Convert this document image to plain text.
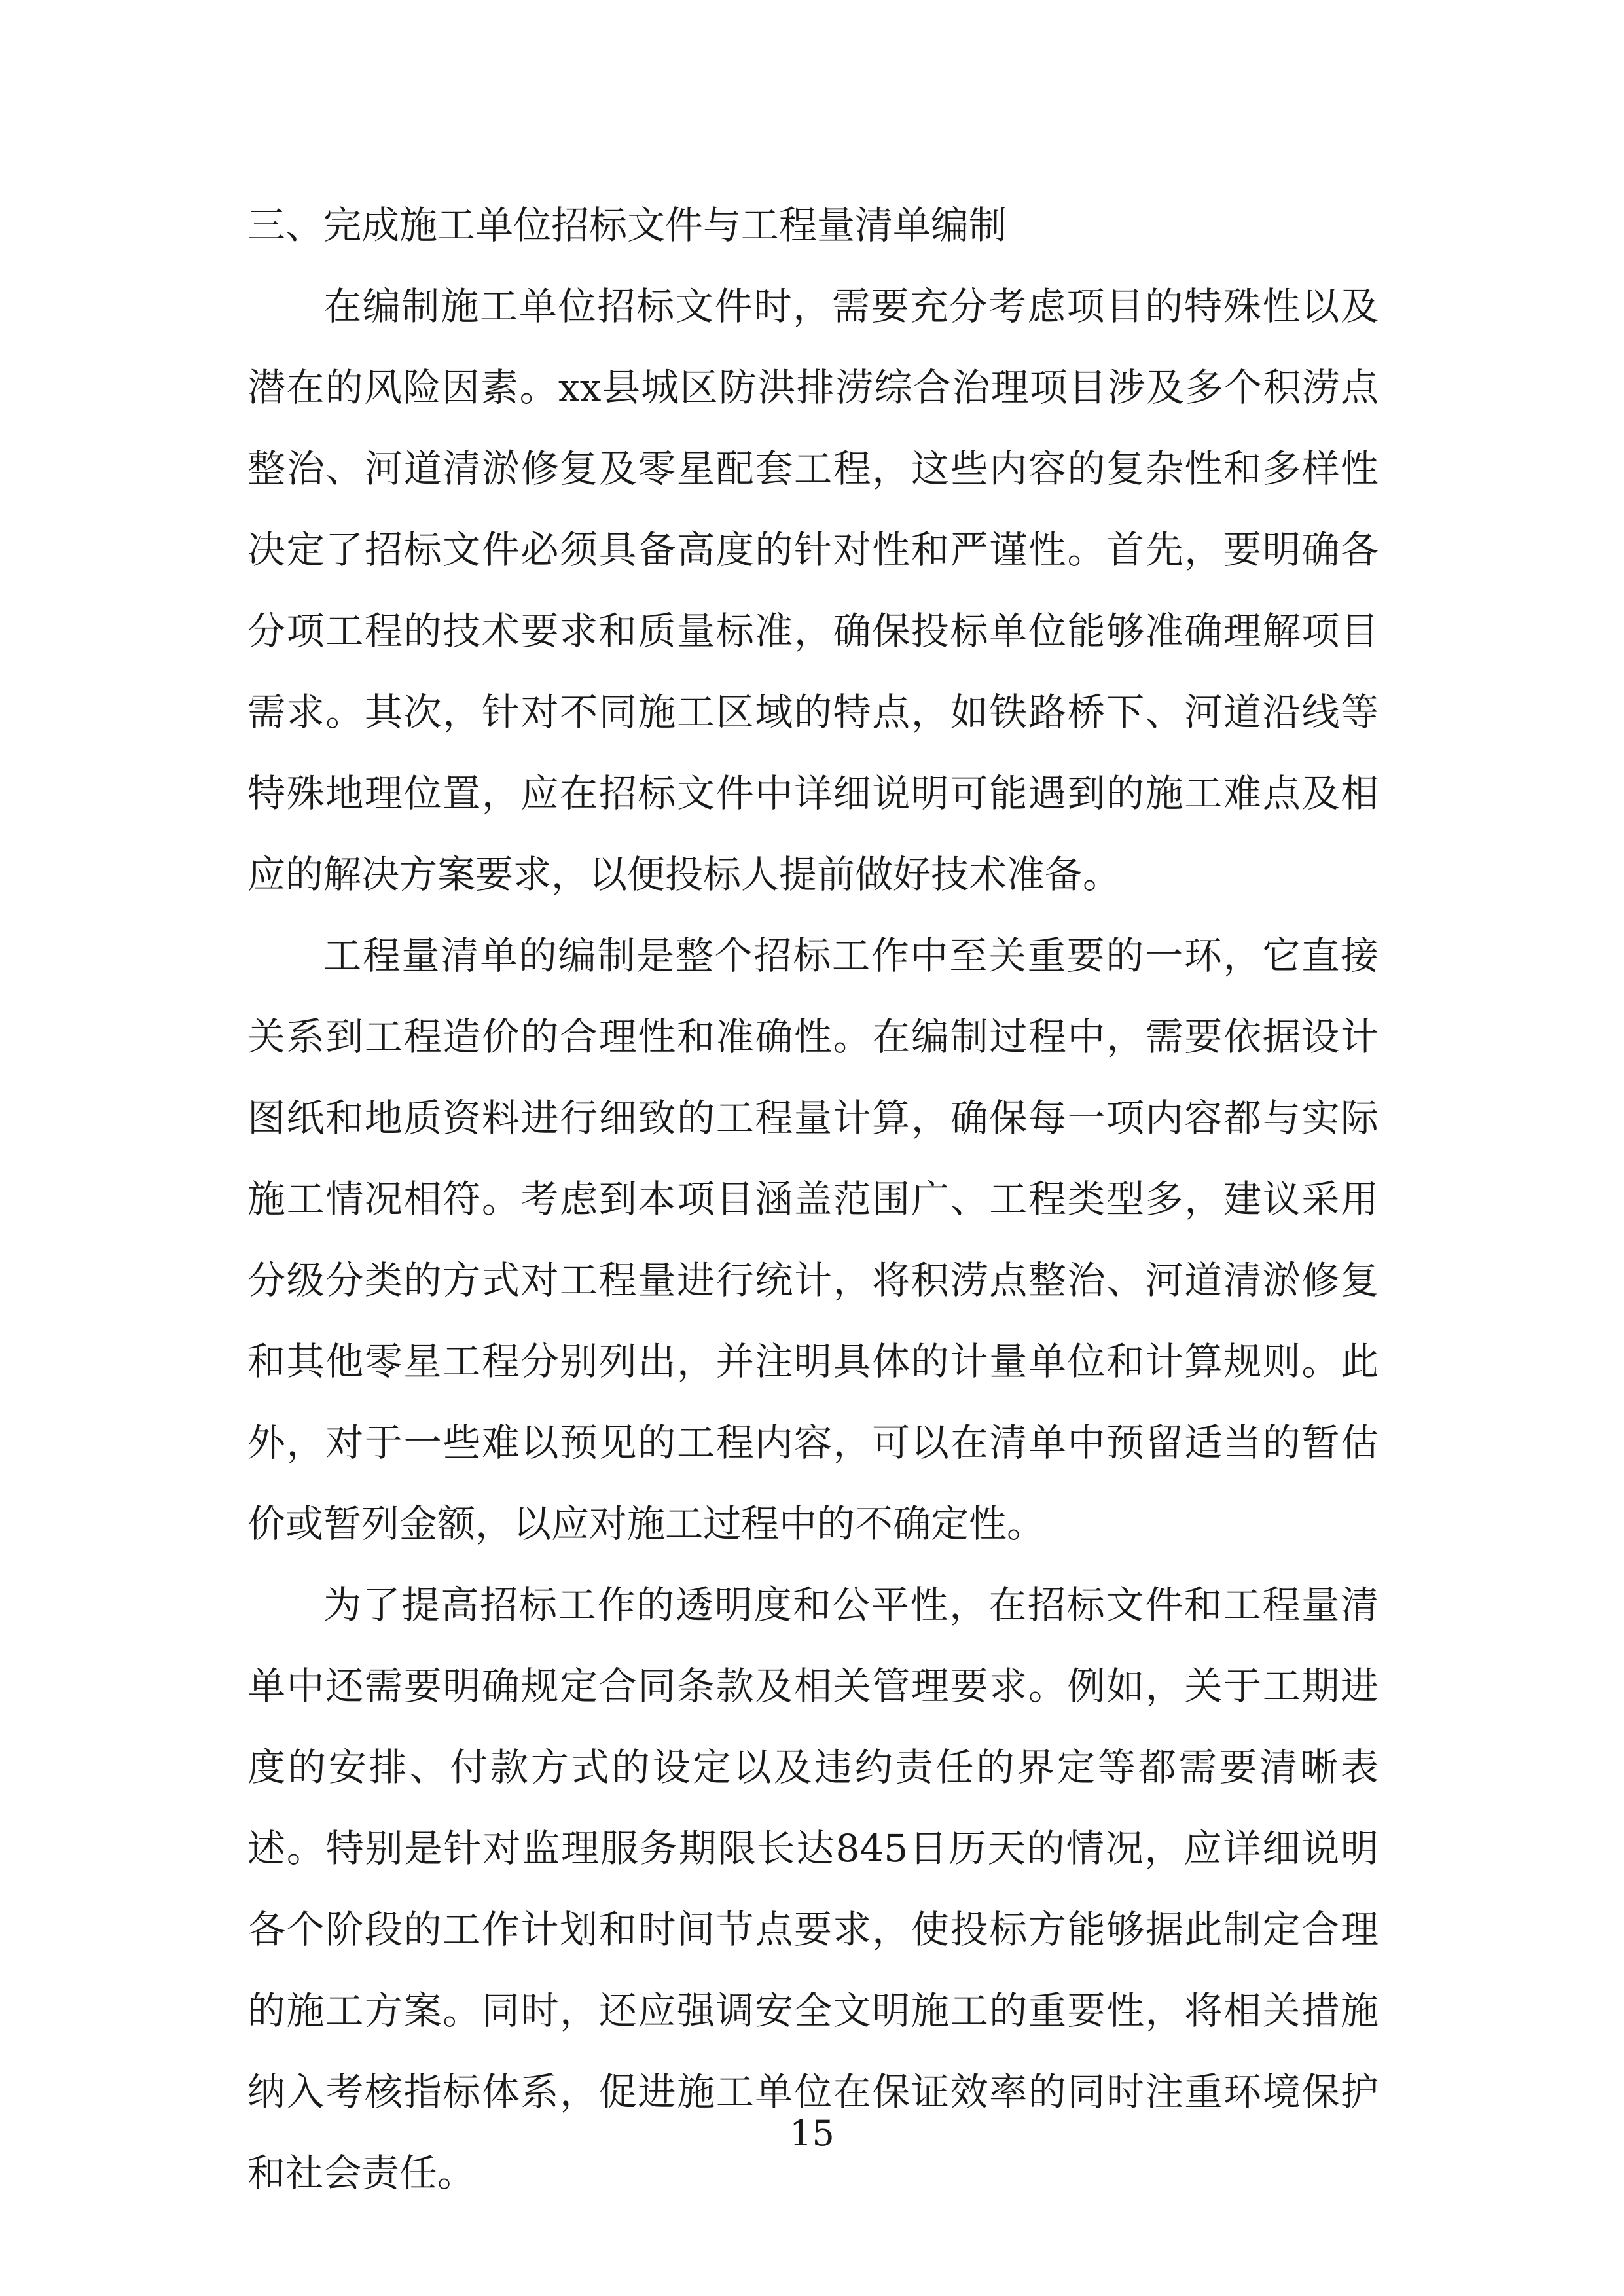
三、完成施工单位招标文件与工程量清单编制

在编制施工单位招标文件时，需要充分考虑项目的特殊性以及潜在的风险因素。xx县城区防洪排涝综合治理项目涉及多个积涝点整治、河道清淤修复及零星配套工程，这些内容的复杂性和多样性决定了招标文件必须具备高度的针对性和严谨性。首先，要明确各分项工程的技术要求和质量标准，确保投标单位能够准确理解项目需求。其次，针对不同施工区域的特点，如铁路桥下、河道沿线等特殊地理位置，应在招标文件中详细说明可能遇到的施工难点及相应的解决方案要求，以便投标人提前做好技术准备。

工程量清单的编制是整个招标工作中至关重要的一环，它直接关系到工程造价的合理性和准确性。在编制过程中，需要依据设计图纸和地质资料进行细致的工程量计算，确保每一项内容都与实际施工情况相符。考虑到本项目涵盖范围广、工程类型多，建议采用分级分类的方式对工程量进行统计，将积涝点整治、河道清淤修复和其他零星工程分别列出，并注明具体的计量单位和计算规则。此外，对于一些难以预见的工程内容，可以在清单中预留适当的暂估价或暂列金额，以应对施工过程中的不确定性。

为了提高招标工作的透明度和公平性，在招标文件和工程量清单中还需要明确规定合同条款及相关管理要求。例如，关于工期进度的安排、付款方式的设定以及违约责任的界定等都需要清晰表述。特别是针对监理服务期限长达845日历天的情况，应详细说明各个阶段的工作计划和时间节点要求，使投标方能够据此制定合理的施工方案。同时，还应强调安全文明施工的重要性，将相关措施纳入考核指标体系，促进施工单位在保证效率的同时注重环境保护和社会责任。

15
